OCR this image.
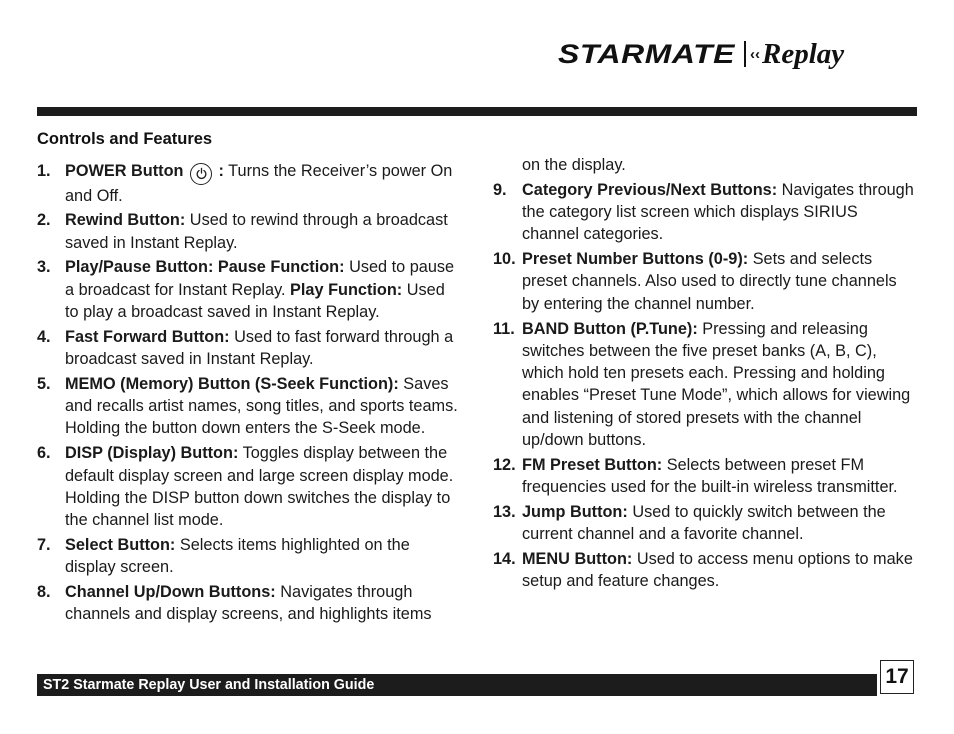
STARMATE ‹‹ Replay
Controls and Features
1. POWER Button
: Turns the Receiver’s power On and Off.
2. Rewind Button: Used to rewind through a broadcast saved in Instant Replay.
3. Play/Pause Button: Pause Function: Used to pause a broadcast for Instant Replay. Play Function: Used to play a broadcast saved in Instant Replay.
4. Fast Forward Button: Used to fast forward through a broadcast saved in Instant Replay.
5. MEMO (Memory) Button (S-Seek Function): Saves and recalls artist names, song titles, and sports teams. Holding the button down enters the S-Seek mode.
6. DISP (Display) Button: Toggles display between the default display screen and large screen display mode. Holding the DISP button down switches the display to the channel list mode.
7. Select Button: Selects items highlighted on the display screen.
8. Channel Up/Down Buttons: Navigates through channels and display screens, and highlights items
on the display.
9. Category Previous/Next Buttons: Navigates through the category list screen which displays SIRIUS channel categories.
10. Preset Number Buttons (0-9): Sets and selects preset channels. Also used to directly tune channels by entering the channel number.
11. BAND Button (P.Tune): Pressing and releasing switches between the five preset banks (A, B, C), which hold ten presets each. Pressing and holding enables “Preset Tune Mode”, which allows for viewing and listening of stored presets with the channel up/down buttons.
12. FM Preset Button: Selects between preset FM frequencies used for the built-in wireless transmitter.
13. Jump Button: Used to quickly switch between the current channel and a favorite channel.
14. MENU Button: Used to access menu options to make setup and feature changes.
ST2 Starmate Replay User and Installation Guide	17
